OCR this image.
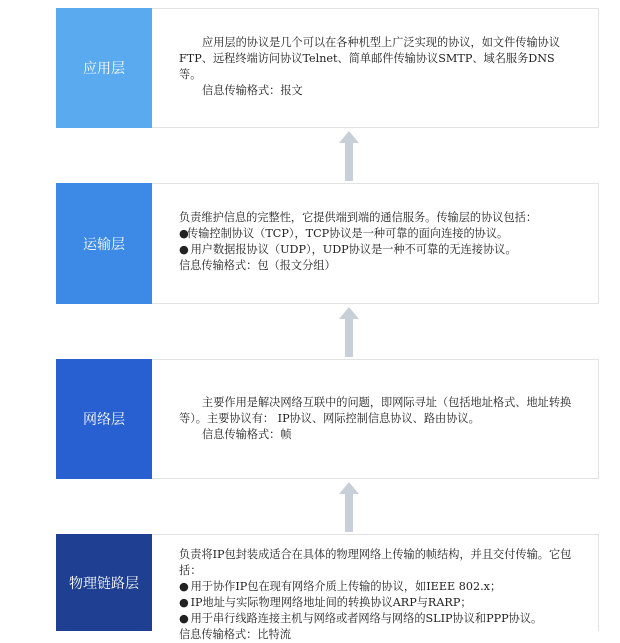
应用层

应用层的协议是几个可以在各种机型上广泛实现的协议，如文件传输协议FTP、远程终端访问协议Telnet、简单邮件传输协议SMTP、域名服务DNS等。

信息传输格式：报文

运输层

负责维护信息的完整性，它提供端到端的通信服务。传输层的协议包括：

●传输控制协议（TCP），TCP协议是一种可靠的面向连接的协议。
● 用户数据报协议（UDP），UDP协议是一种不可靠的无连接协议。

信息传输格式：包（报文分组）

网络层

主要作用是解决网络互联中的问题，即网际寻址（包括地址格式、地址转换等）。主要协议有： IP协议、网际控制信息协议、路由协议。

信息传输格式：帧

物理链路层

负责将IP包封装成适合在具体的物理网络上传输的帧结构，并且交付传输。它包括：

● 用于协作IP包在现有网络介质上传输的协议，如IEEE 802.x；
● IP地址与实际物理网络地址间的转换协议ARP与RARP；
● 用于串行线路连接主机与网络或者网络与网络的SLIP协议和PPP协议。

信息传输格式：比特流
